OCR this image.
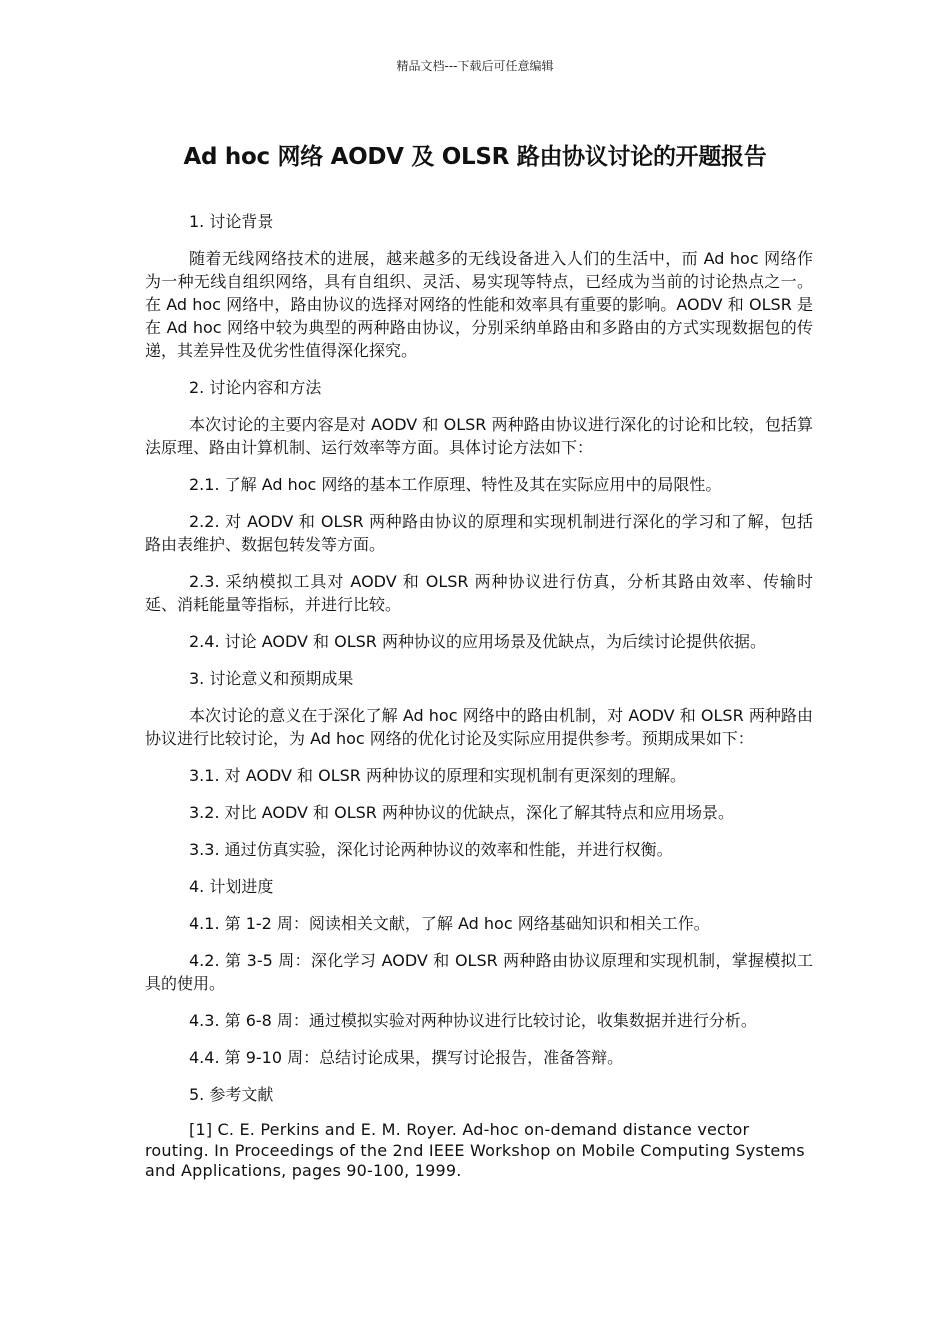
精品文档---下载后可任意编辑
Ad hoc 网络 AODV 及 OLSR 路由协议讨论的开题报告

1. 讨论背景

随着无线网络技术的进展，越来越多的无线设备进入人们的生活中，而 Ad hoc 网络作为一种无线自组织网络，具有自组织、灵活、易实现等特点，已经成为当前的讨论热点之一。在 Ad hoc 网络中，路由协议的选择对网络的性能和效率具有重要的影响。AODV 和 OLSR 是在 Ad hoc 网络中较为典型的两种路由协议，分别采纳单路由和多路由的方式实现数据包的传递，其差异性及优劣性值得深化探究。

2. 讨论内容和方法

本次讨论的主要内容是对 AODV 和 OLSR 两种路由协议进行深化的讨论和比较，包括算法原理、路由计算机制、运行效率等方面。具体讨论方法如下：

2.1. 了解 Ad hoc 网络的基本工作原理、特性及其在实际应用中的局限性。

2.2. 对 AODV 和 OLSR 两种路由协议的原理和实现机制进行深化的学习和了解，包括路由表维护、数据包转发等方面。

2.3. 采纳模拟工具对 AODV 和 OLSR 两种协议进行仿真，分析其路由效率、传输时延、消耗能量等指标，并进行比较。

2.4. 讨论 AODV 和 OLSR 两种协议的应用场景及优缺点，为后续讨论提供依据。

3. 讨论意义和预期成果

本次讨论的意义在于深化了解 Ad hoc 网络中的路由机制，对 AODV 和 OLSR 两种路由协议进行比较讨论，为 Ad hoc 网络的优化讨论及实际应用提供参考。预期成果如下：

3.1. 对 AODV 和 OLSR 两种协议的原理和实现机制有更深刻的理解。

3.2. 对比 AODV 和 OLSR 两种协议的优缺点，深化了解其特点和应用场景。

3.3. 通过仿真实验，深化讨论两种协议的效率和性能，并进行权衡。

4. 计划进度

4.1. 第 1-2 周：阅读相关文献，了解 Ad hoc 网络基础知识和相关工作。

4.2. 第 3-5 周：深化学习 AODV 和 OLSR 两种路由协议原理和实现机制，掌握模拟工具的使用。

4.3. 第 6-8 周：通过模拟实验对两种协议进行比较讨论，收集数据并进行分析。

4.4. 第 9-10 周：总结讨论成果，撰写讨论报告，准备答辩。

5. 参考文献

[1] C. E. Perkins and E. M. Royer. Ad-hoc on-demand distance vector routing. In Proceedings of the 2nd IEEE Workshop on Mobile Computing Systems and Applications, pages 90-100, 1999.
